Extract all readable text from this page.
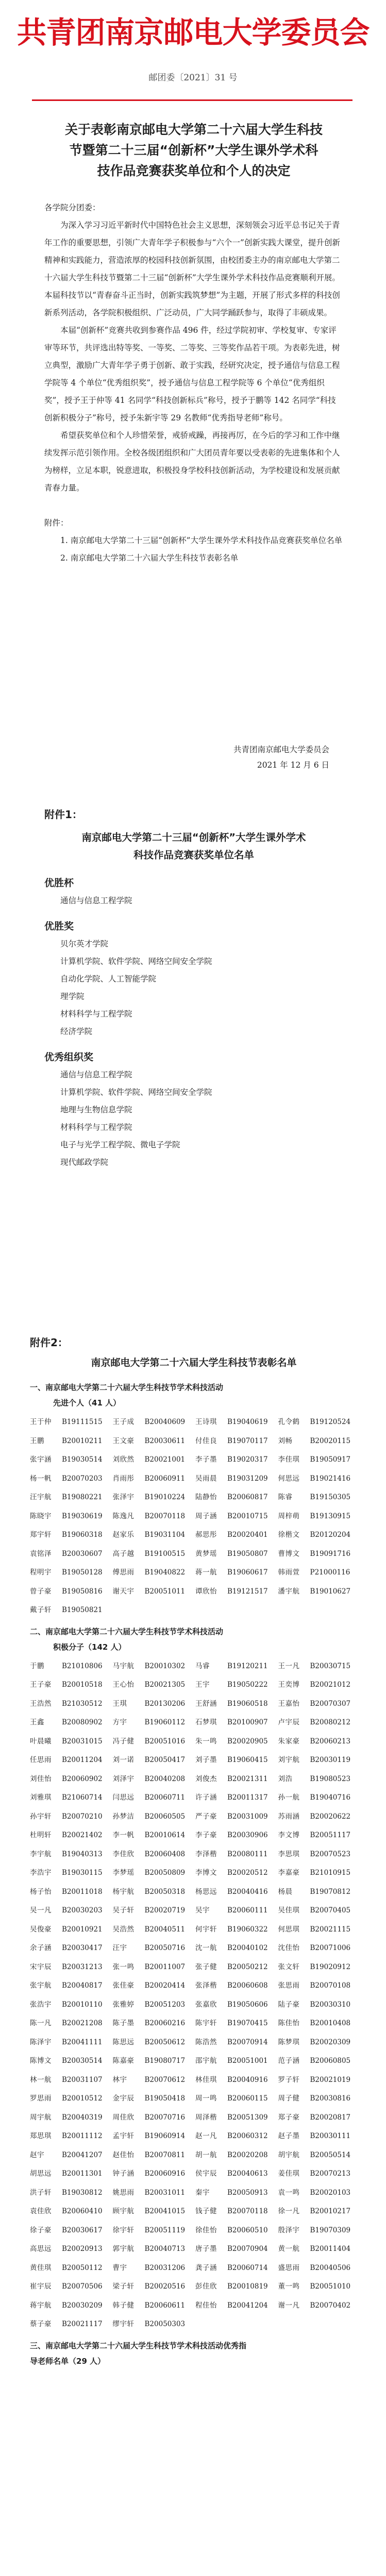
共青团南京邮电大学委员会
邮团委〔2021〕31 号
关于表彰南京邮电大学第二十六届大学生科技
节暨第二十三届“创新杯”大学生课外学术科
技作品竞赛获奖单位和个人的决定
各学院分团委：

为深入学习习近平新时代中国特色社会主义思想，深刻领会习近平总书记关于青年工作的重要思想，引领广大青年学子积极参与“六个一”创新实践大课堂，提升创新精神和实践能力，营造浓厚的校园科技创新氛围，由校团委主办的南京邮电大学第二十六届大学生科技节暨第二十三届“创新杯”大学生课外学术科技作品竞赛顺利开展。本届科技节以“青春奋斗正当时，创新实践筑梦想”为主题，开展了形式多样的科技创新系列活动，各学院积极组织、广泛动员，广大同学踊跃参与，取得了丰硕成果。

本届“创新杯”竞赛共收到参赛作品 496 件，经过学院初审、学校复审、专家评审等环节，共评选出特等奖、一等奖、二等奖、三等奖作品若干项。为表彰先进，树立典型，激励广大青年学子勇于创新、敢于实践，经研究决定，授予通信与信息工程学院等 4 个单位“优秀组织奖”，授予通信与信息工程学院等 6 个单位“优秀组织奖”，授予王于仲等 41 名同学“科技创新标兵”称号，授予于鹏等 142 名同学“科技创新积极分子”称号，授予朱新宇等 29 名教师“优秀指导老师”称号。

希望获奖单位和个人珍惜荣誉，戒骄戒躁，再接再厉，在今后的学习和工作中继续发挥示范引领作用。全校各级团组织和广大团员青年要以受表彰的先进集体和个人为榜样，立足本职，锐意进取，积极投身学校科技创新活动，为学校建设和发展贡献青春力量。

附件：
1. 南京邮电大学第二十三届“创新杯”大学生课外学术科技作品竞赛获奖单位名单
2. 南京邮电大学第二十六届大学生科技节表彰名单
共青团南京邮电大学委员会
2021 年 12 月 6 日
附件1：
南京邮电大学第二十三届“创新杯”大学生课外学术
科技作品竞赛获奖单位名单
优胜杯
通信与信息工程学院
优胜奖
贝尔英才学院
计算机学院、软件学院、网络空间安全学院
自动化学院、人工智能学院
理学院
材料科学与工程学院
经济学院
优秀组织奖
通信与信息工程学院
计算机学院、软件学院、网络空间安全学院
地理与生物信息学院
材料科学与工程学院
电子与光学工程学院、微电子学院
现代邮政学院
附件2：
南京邮电大学第二十六届大学生科技节表彰名单
一、南京邮电大学第二十六届大学生科技节学术科技活动
先进个人（41 人）
王于仲	B19111515 王子成	B20040609 王诗琪	B19040619 孔令鹤	B19120524
王鹏	B20010211 王文豪	B20030611 付佳良	B19070117 刘畅	B20020115
张宇涵	B19030514 刘欣然	B20021001 李子墨	B19020317 李佳琪	B19050917
杨一帆	B20070203 肖雨彤	B20060911 吴雨晨	B19031209 何思远	B19021416
汪宇航	B19080221 张泽宇	B19010224 陆静怡	B20060817 陈睿	B19150305
陈晓宇	B19030619 陈逸凡	B20070118 周子涵	B20010715 周梓萌	B19130915
郑宇轩	B19060318 赵家乐	B19031104 郝思彤	B20020401 徐楷文	B20120204
袁铭泽	B20030607 高子越	B19100515 黄梦瑶	B19050807 曹博文	B19091716
程明宇	B19050128 傅思雨	B19040822 蒋一航	B19060617 韩雨萱	P21000116
曾子豪	B19050816 谢天宇	B20051011 谭欣怡	B19121517 潘宇航	B19010627
戴子轩	B19050821
二、南京邮电大学第二十六届大学生科技节学术科技活动
积极分子（142 人）
于鹏	B21010806 马宇航	B20010302 马睿	B19120211 王一凡	B20030715
王子豪	B20010518 王心怡	B20021305 王宇	B19050222 王奕博	B20021012
王浩然	B21030512 王琪	B20130206 王舒涵	B19060518 王嘉怡	B20070307
王鑫	B20080902 方宇	B19060112 石梦琪	B20100907 卢宇辰	B20080212
叶晨曦	B20031015 冯子健	B20051016 朱一鸣	B20020905 朱家豪	B20060213
任思雨	B20011204 刘一诺	B20050417 刘子墨	B19060415 刘宇航	B20030119
刘佳怡	B20060902 刘泽宇	B20040208 刘俊杰	B20021311 刘浩	B19080523
刘雅琪	B21060714 闫思远	B20060711 许子涵	B20011317 孙一航	B19040716
孙宇轩	B20070210 孙梦洁	B20060505 严子豪	B20031009 苏雨涵	B20020622
杜明轩	B20021402 李一帆	B20010614 李子豪	B20030906 李文博	B20051117
李宇航	B19040313 李佳欣	B20060408 李泽楷	B20080111 李思琪	B20070523
李浩宇	B19030115 李梦瑶	B20050809 李博文	B20020512 李嘉豪	B21010915
杨子怡	B20011018 杨宇航	B20050318 杨思远	B20040416 杨晨	B19070812
吴一凡	B20030203 吴子轩	B20020719 吴宇	B20060111 吴佳琪	B20070405
吴俊豪	B20010921 吴浩然	B20040511 何宇轩	B19060322 何思琪	B20021115
余子涵	B20030417 汪宇	B20050716 沈一航	B20040102 沈佳怡	B20071006
宋宇辰	B20031213 张一鸣	B20011007 张子健	B20050212 张文轩	B19020912
张宇航	B20040817 张佳豪	B20020414 张泽楷	B20060608 张思雨	B20070108
张浩宇	B20010110 张雅婷	B20051203 张嘉欣	B19050606 陆子豪	B20030310
陈一凡	B20021208 陈子墨	B20060216 陈宇轩	B19070415 陈佳怡	B20010408
陈泽宇	B20041111 陈思远	B20050612 陈浩然	B20070914 陈梦琪	B20020309
陈博文	B20030514 陈嘉豪	B19080717 邵宇航	B20051001 范子涵	B20060805
林一航	B20031107 林宇	B20070612 林佳琪	B20040916 罗子轩	B20021019
罗思雨	B20010512 金宇辰	B19050418 周一鸣	B20060115 周子健	B20030816
周宇航	B20040319 周佳欣	B20070716 周泽楷	B20051309 郑子豪	B20020817
郑思琪	B20011112 孟宇轩	B19060914 赵一凡	B20060312 赵子墨	B20030111
赵宇	B20041207 赵佳怡	B20070811 胡一航	B20020208 胡宇航	B20050514
胡思远	B20011301 钟子涵	B20060916 侯宇辰	B20040613 姜佳琪	B20070213
洪子轩	B19030812 姚思雨	B20031011 秦宇	B20050913 袁一鸣	B20020103
袁佳欣	B20060410 顾宇航	B20041015 钱子健	B20070118 徐一凡	B20010217
徐子豪	B20030617 徐宇轩	B20051119 徐佳怡	B20060510 殷泽宇	B19070309
高思远	B20020913 郭宇航	B20040713 唐子墨	B20070904 黄一航	B20011404
黄佳琪	B20050112 曹宇	B20031206 龚子涵	B20060714 盛思雨	B20040506
崔宇辰	B20070506 梁子轩	B20020516 彭佳欣	B20010819 董一鸣	B20051010
蒋宇航	B20030209 韩子健	B20060611 程佳怡	B20041204 谢一凡	B20070402
蔡子豪	B20021117 缪宇轩	B20050303
三、南京邮电大学第二十六届大学生科技节学术科技活动优秀指
导老师名单（29 人）
